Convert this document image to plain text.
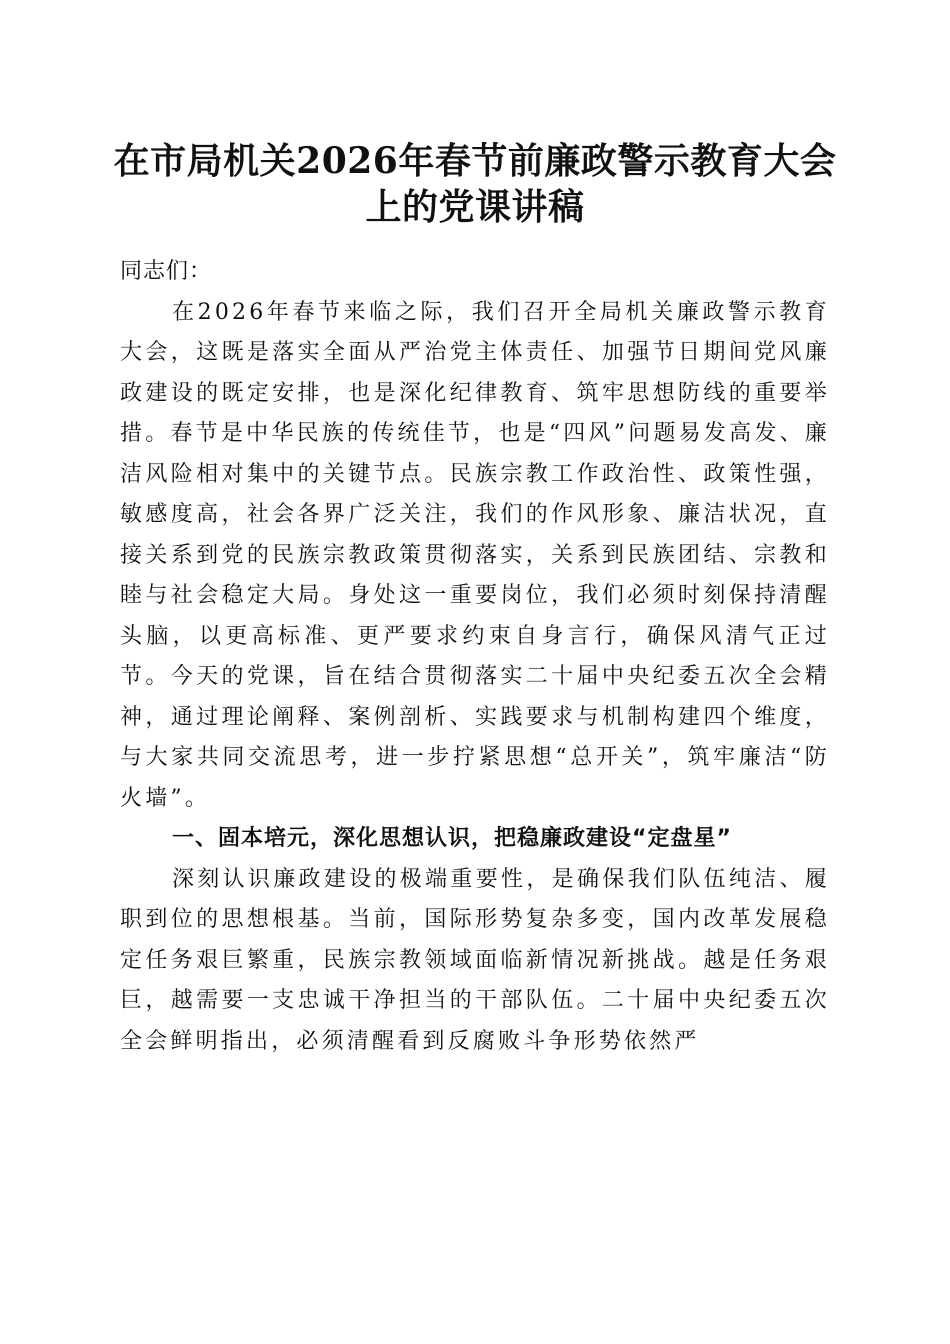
在市局机关2026年春节前廉政警示教育大会
上的党课讲稿

同志们：

在2026年春节来临之际，我们召开全局机关廉政警示教育大会，这既是落实全面从严治党主体责任、加强节日期间党风廉政建设的既定安排，也是深化纪律教育、筑牢思想防线的重要举措。春节是中华民族的传统佳节，也是“四风”问题易发高发、廉洁风险相对集中的关键节点。民族宗教工作政治性、政策性强，敏感度高，社会各界广泛关注，我们的作风形象、廉洁状况，直接关系到党的民族宗教政策贯彻落实，关系到民族团结、宗教和睦与社会稳定大局。身处这一重要岗位，我们必须时刻保持清醒头脑，以更高标准、更严要求约束自身言行，确保风清气正过节。今天的党课，旨在结合贯彻落实二十届中央纪委五次全会精神，通过理论阐释、案例剖析、实践要求与机制构建四个维度，与大家共同交流思考，进一步拧紧思想“总开关”，筑牢廉洁“防火墙”。

一、固本培元，深化思想认识，把稳廉政建设“定盘星”

深刻认识廉政建设的极端重要性，是确保我们队伍纯洁、履职到位的思想根基。当前，国际形势复杂多变，国内改革发展稳定任务艰巨繁重，民族宗教领域面临新情况新挑战。越是任务艰巨，越需要一支忠诚干净担当的干部队伍。二十届中央纪委五次全会鲜明指出，必须清醒看到反腐败斗争形势依然严
